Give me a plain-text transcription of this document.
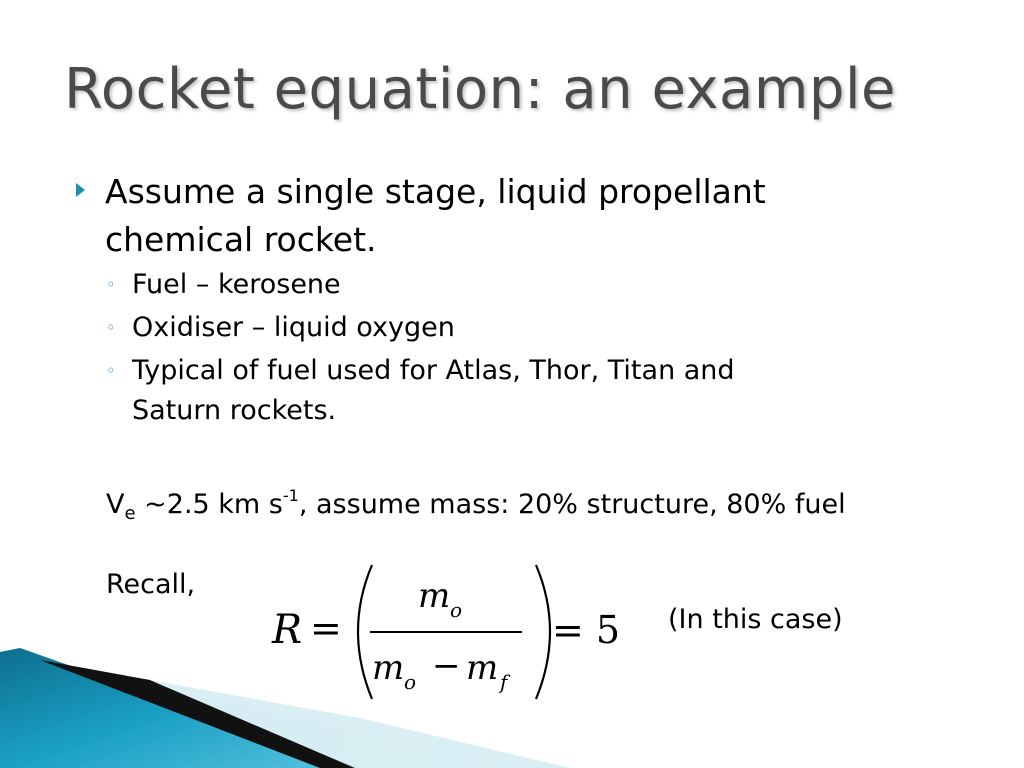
Rocket equation: an example
Assume a single stage, liquid propellant
chemical rocket.
◦ Fuel – kerosene
◦ Oxidiser – liquid oxygen
◦ Typical of fuel used for Atlas, Thor, Titan and
Saturn rockets.
$V_e$ ~2.5 km $s^{-1}$, assume mass: 20% structure, 80% fuel
Recall,
R =
m o
m o − m f
= 5 (In this case)
